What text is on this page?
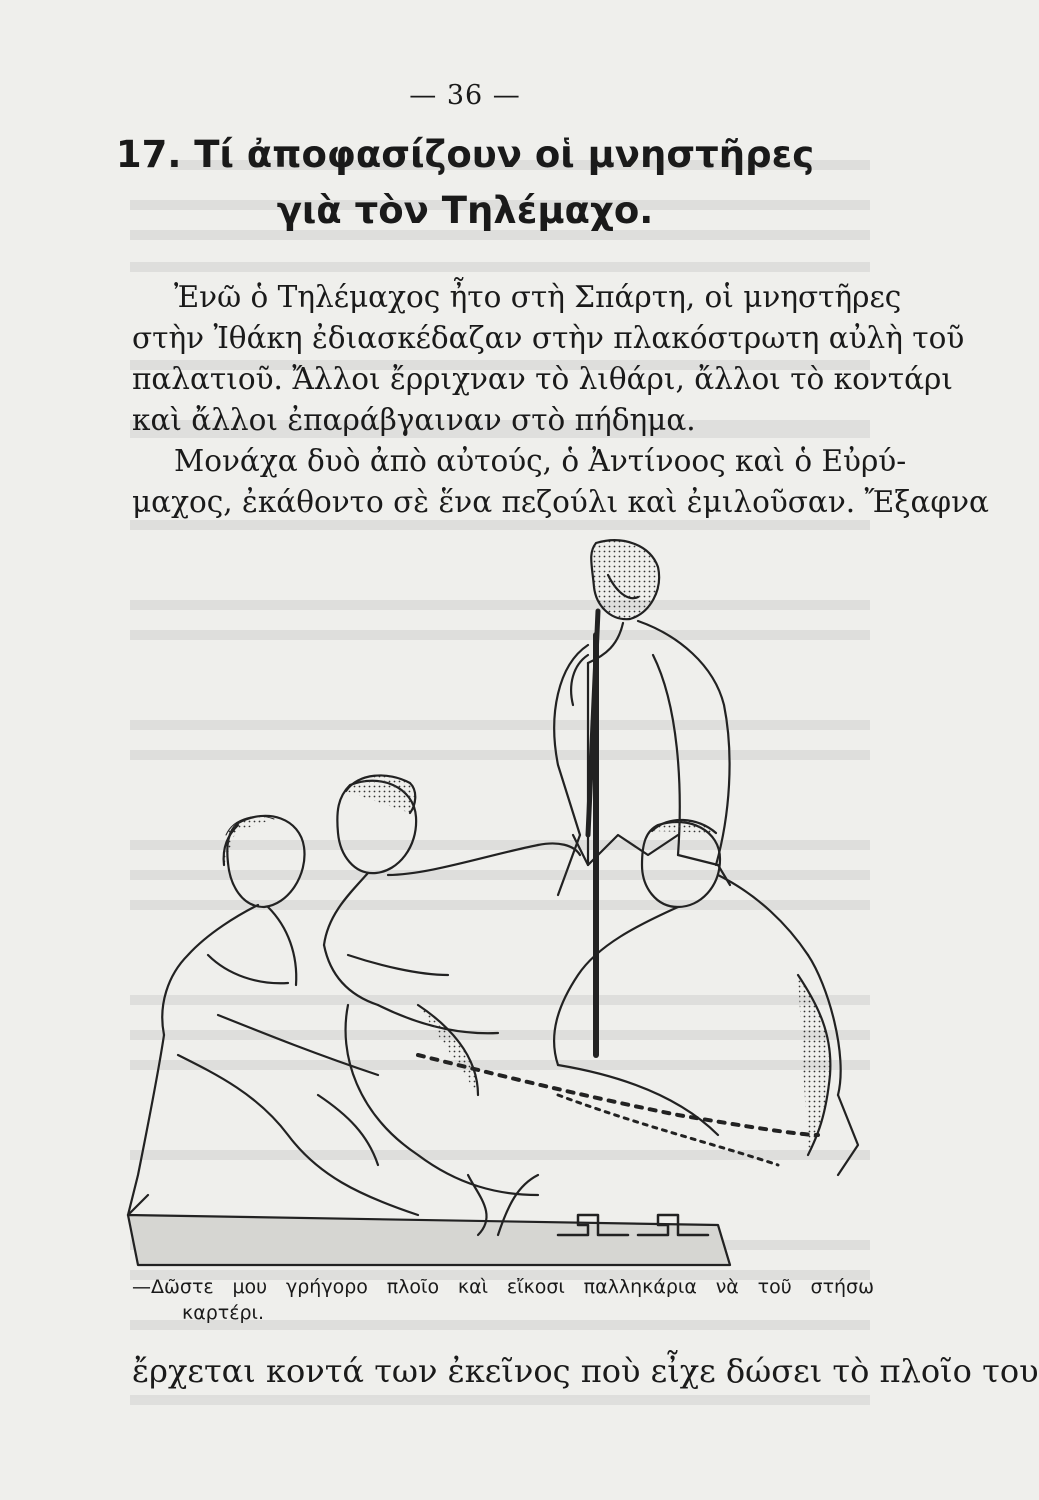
— 36 —
17. Τί ἀποφασίζουν οἱ μνηστῆρες
γιὰ τὸν Τηλέμαχο.
Ἐνῶ ὁ Τηλέμαχος ἦτο στὴ Σπάρτη, οἱ μνηστῆρες
στὴν Ἰθάκη ἐδιασκέδαζαν στὴν πλακόστρωτη αὐλὴ τοῦ
παλατιοῦ. Ἄλλοι ἔρριχναν τὸ λιθάρι, ἄλλοι τὸ κοντάρι
καὶ ἄλλοι ἐπαράβγαιναν στὸ πήδημα.
Μονάχα δυὸ ἀπὸ αὐτούς, ὁ Ἀντίνοος καὶ ὁ Εὐρύ-
μαχος, ἐκάθοντο σὲ ἕνα πεζούλι καὶ ἐμιλοῦσαν. Ἔξαφνα
—Δῶστε μου γρήγορο πλοῖο καὶ εἴκοσι παλληκάρια νὰ τοῦ στήσω
καρτέρι.
ἔρχεται κοντά των ἐκεῖνος ποὺ εἶχε δώσει τὸ πλοῖο του
